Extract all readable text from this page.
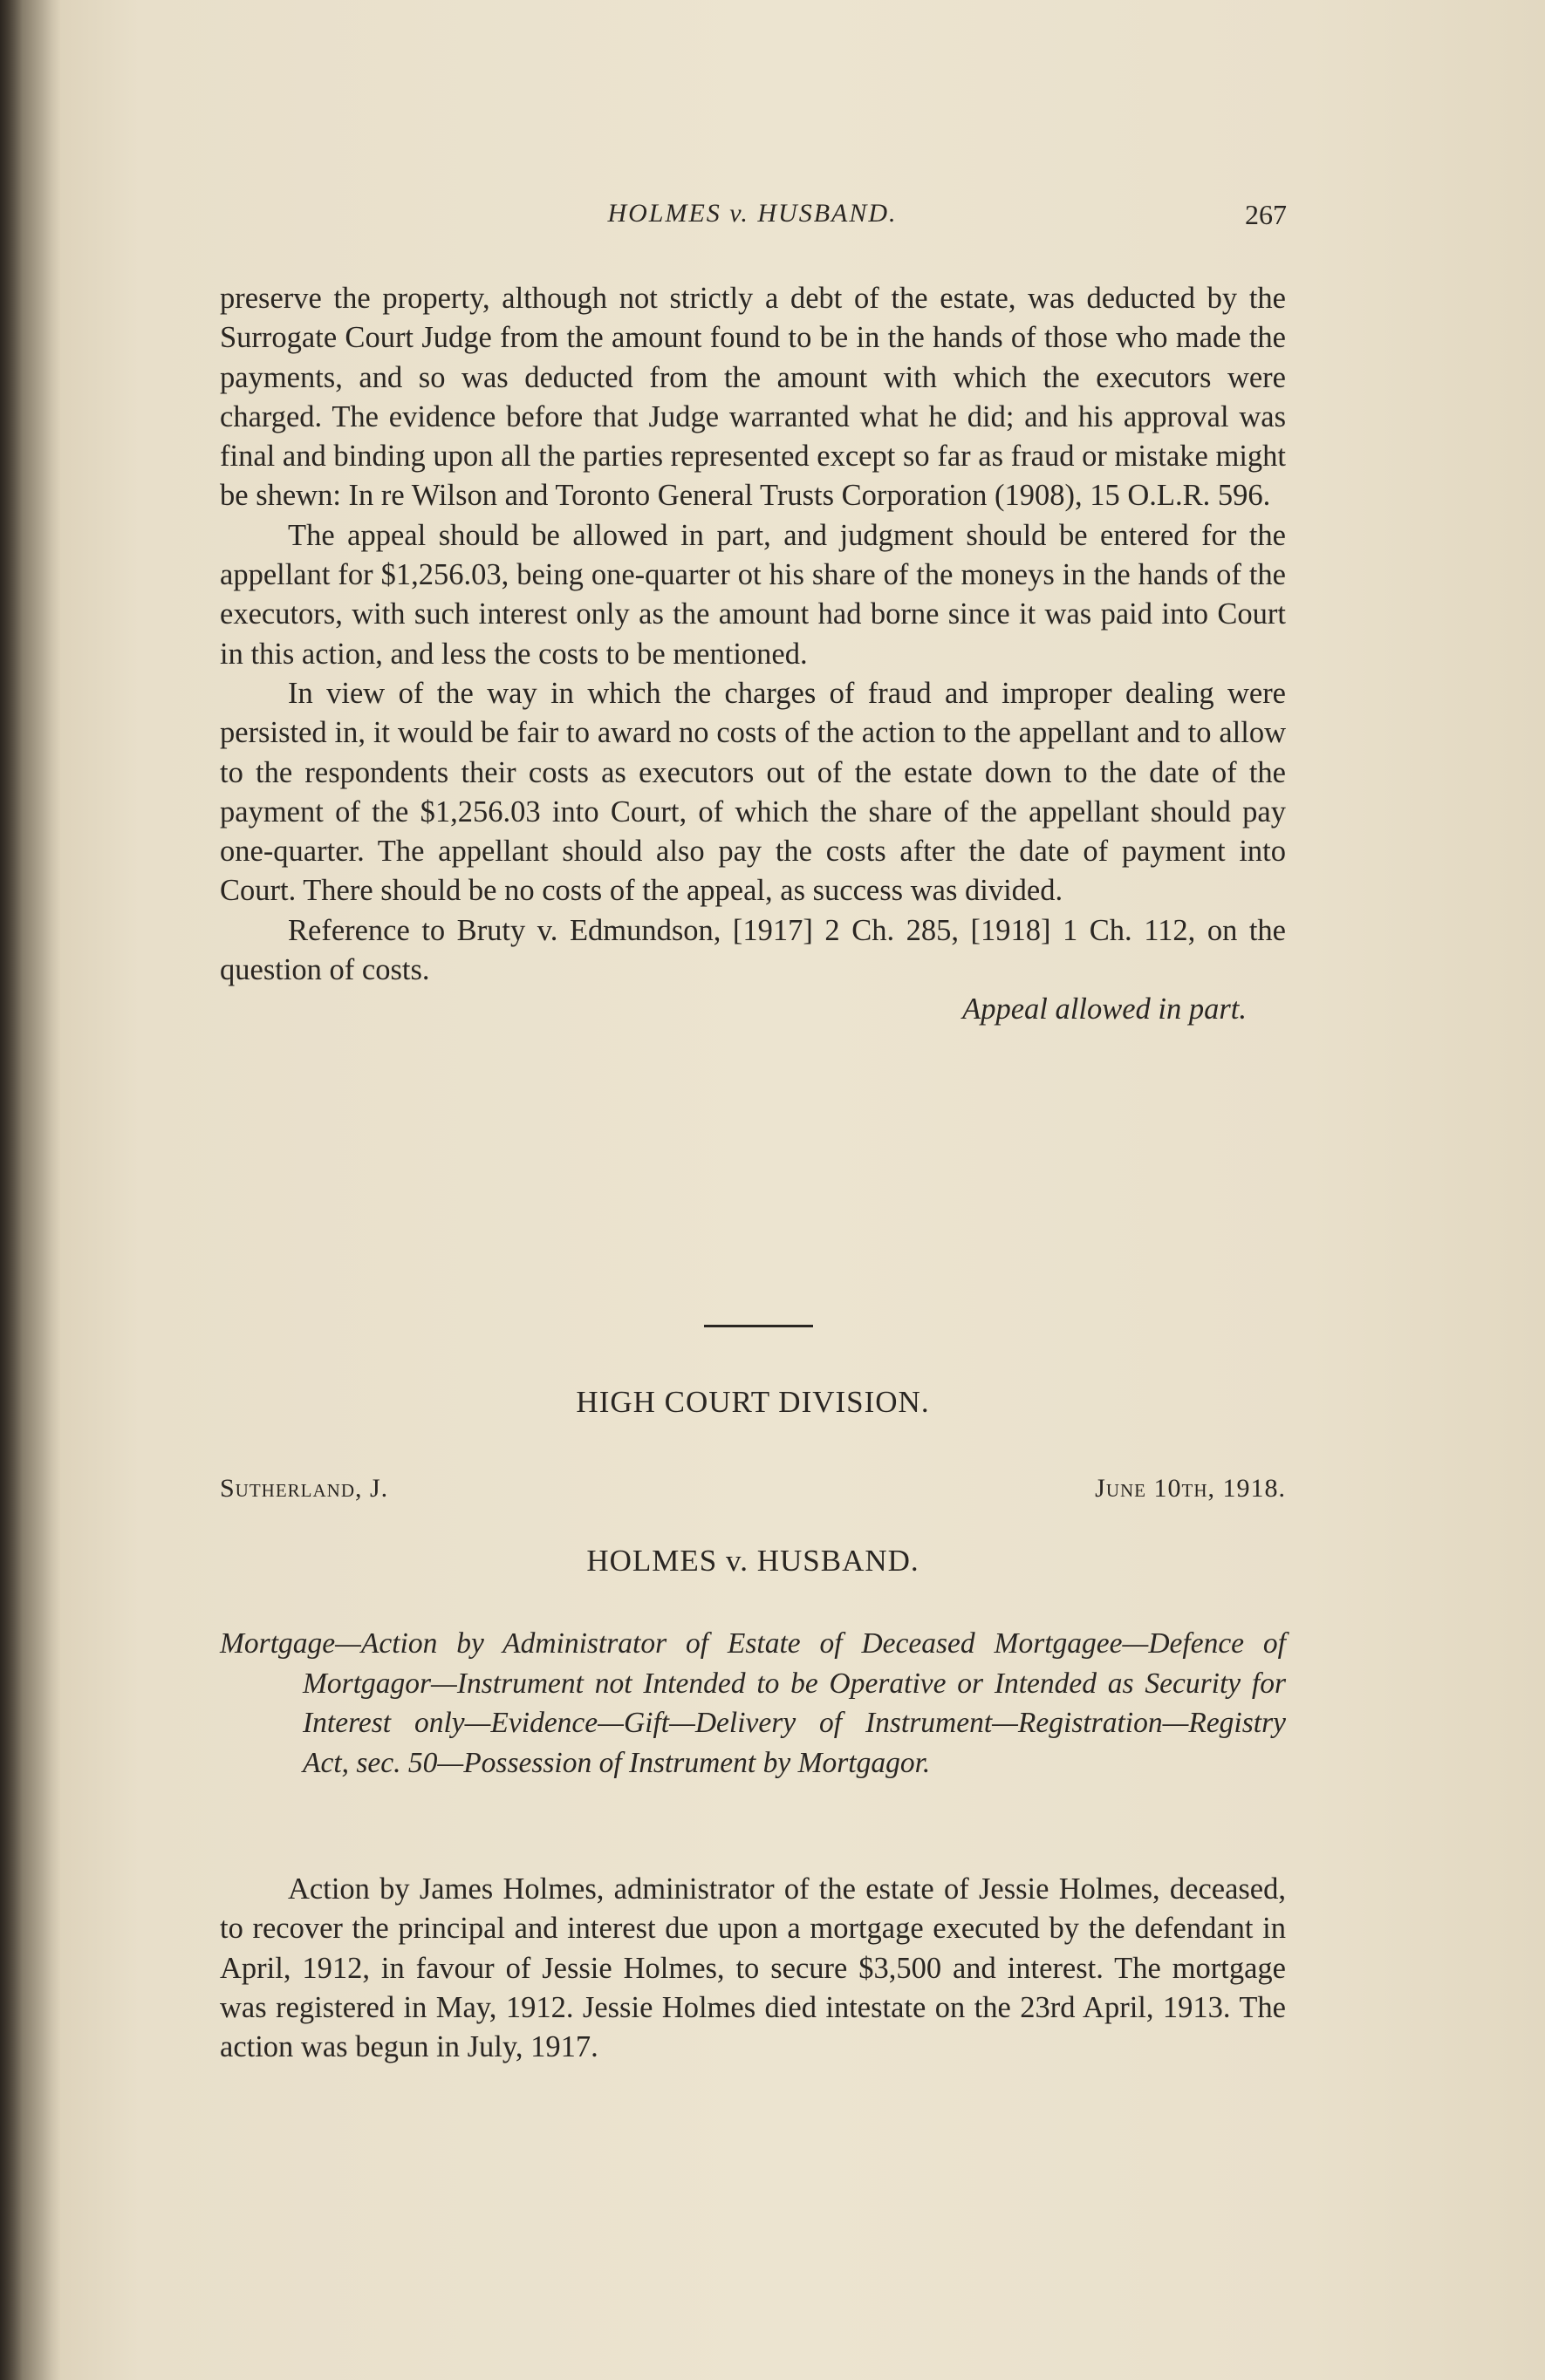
HOLMES v. HUSBAND.	267

preserve the property, although not strictly a debt of the estate, was deducted by the Surrogate Court Judge from the amount found to be in the hands of those who made the payments, and so was deducted from the amount with which the executors were charged. The evidence before that Judge warranted what he did; and his approval was final and binding upon all the parties represented except so far as fraud or mistake might be shewn: In re Wilson and Toronto General Trusts Corporation (1908), 15 O.L.R. 596.

The appeal should be allowed in part, and judgment should be entered for the appellant for $1,256.03, being one-quarter ot his share of the moneys in the hands of the executors, with such interest only as the amount had borne since it was paid into Court in this action, and less the costs to be mentioned.

In view of the way in which the charges of fraud and improper dealing were persisted in, it would be fair to award no costs of the action to the appellant and to allow to the respondents their costs as executors out of the estate down to the date of the payment of the $1,256.03 into Court, of which the share of the appellant should pay one-quarter. The appellant should also pay the costs after the date of payment into Court. There should be no costs of the appeal, as success was divided.

Reference to Bruty v. Edmundson, [1917] 2 Ch. 285, [1918] 1 Ch. 112, on the question of costs.

Appeal allowed in part.

HIGH COURT DIVISION.
Sutherland, J.	June 10th, 1918.
HOLMES v. HUSBAND.
Mortgage—Action by Administrator of Estate of Deceased Mortgagee—Defence of Mortgagor—Instrument not Intended to be Operative or Intended as Security for Interest only—Evidence—Gift—Delivery of Instrument—Registration—Registry Act, sec. 50—Possession of Instrument by Mortgagor.

Action by James Holmes, administrator of the estate of Jessie Holmes, deceased, to recover the principal and interest due upon a mortgage executed by the defendant in April, 1912, in favour of Jessie Holmes, to secure $3,500 and interest. The mortgage was registered in May, 1912. Jessie Holmes died intestate on the 23rd April, 1913. The action was begun in July, 1917.
